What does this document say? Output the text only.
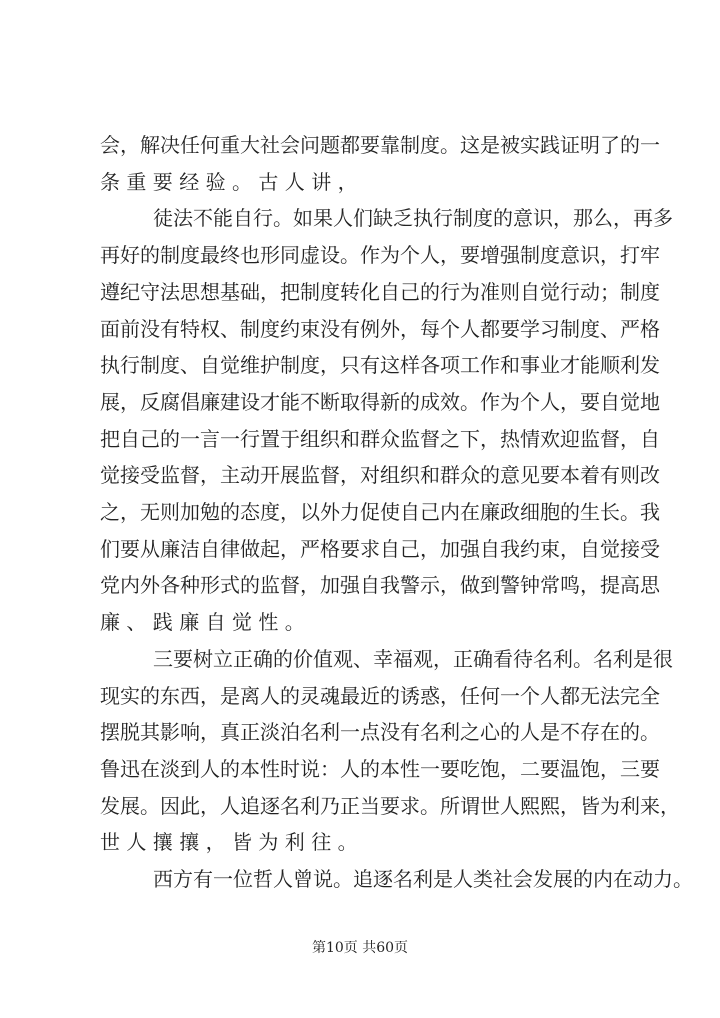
会，解决任何重大社会问题都要靠制度。这是被实践证明了的一
条重要经验。古人讲，
徒法不能自行。如果人们缺乏执行制度的意识，那么，再多
再好的制度最终也形同虚设。作为个人，要增强制度意识，打牢
遵纪守法思想基础，把制度转化自己的行为准则自觉行动；制度
面前没有特权、制度约束没有例外，每个人都要学习制度、严格
执行制度、自觉维护制度，只有这样各项工作和事业才能顺利发
展，反腐倡廉建设才能不断取得新的成效。作为个人，要自觉地
把自己的一言一行置于组织和群众监督之下，热情欢迎监督，自
觉接受监督，主动开展监督，对组织和群众的意见要本着有则改
之，无则加勉的态度，以外力促使自己内在廉政细胞的生长。我
们要从廉洁自律做起，严格要求自己，加强自我约束，自觉接受
党内外各种形式的监督，加强自我警示，做到警钟常鸣，提高思
廉、践廉自觉性。
三要树立正确的价值观、幸福观，正确看待名利。名利是很
现实的东西，是离人的灵魂最近的诱惑，任何一个人都无法完全
摆脱其影响，真正淡泊名利一点没有名利之心的人是不存在的。
鲁迅在淡到人的本性时说：人的本性一要吃饱，二要温饱，三要
发展。因此，人追逐名利乃正当要求。所谓世人熙熙，皆为利来，
世人攘攘，皆为利往。
西方有一位哲人曾说。追逐名利是人类社会发展的内在动力。
第10页 共60页
